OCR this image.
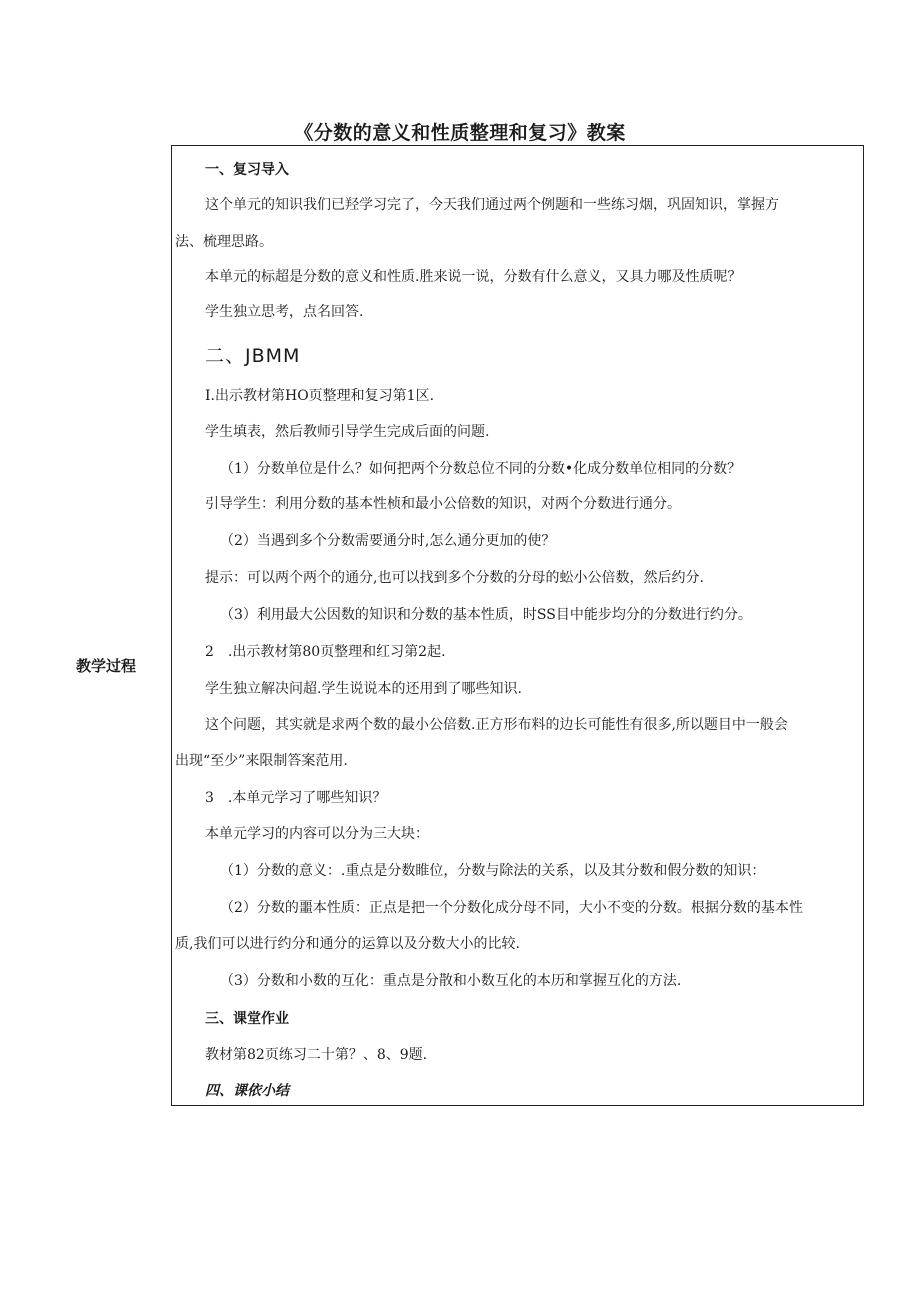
《分数的意义和性质整理和复习》教案
教学过程
一、复习导入
这个单元的知识我们已羟学习完了，今天我们通过两个例题和一些练习烟，巩固知识，掌握方
法、梳理思路。
本单元的标超是分数的意义和性质.胜来说一说，分数有什么意义，又具力哪及性质呢？
学生独立思考，点名回答.
二、JBMM
I.出示教材第HO页整理和复习第1区.
学生填表，然后教师引导学生完成后面的问题.
（1）分数单位是什么？如何把两个分数总位不同的分数•化成分数单位相同的分数？
引导学生：利用分数的基本性桢和最小公倍数的知识，对两个分数进行通分。
（2）当遇到多个分数需要通分时,怎么通分更加的使？
提示：可以两个两个的通分,也可以找到多个分数的分母的蚣小公倍数，然后约分.
（3）利用最大公因数的知识和分数的基本性质，时SS目中能步均分的分数进行约分。
2　.出示教材第80页整理和红习第2起.
学生独立解决问超.学生说说本的还用到了哪些知识.
这个问题，其实就是求两个数的最小公倍数.正方形布料的边长可能性有很多,所以题目中一般会
出现“至少”来限制答案范用.
3　.本单元学习了哪些知识？
本单元学习的内容可以分为三大块：
（1）分数的意义：.重点是分数睢位，分数与除法的关系，以及其分数和假分数的知识：
（2）分数的噩本性质：正点是把一个分数化成分母不同，大小不变的分数。根据分数的基本性
质,我们可以进行约分和通分的运算以及分数大小的比较.
（3）分数和小数的互化：重点是分散和小数互化的本历和掌握互化的方法.
三、课堂作业
教材第82页练习二十第？、8、9题.
四、课依小结
